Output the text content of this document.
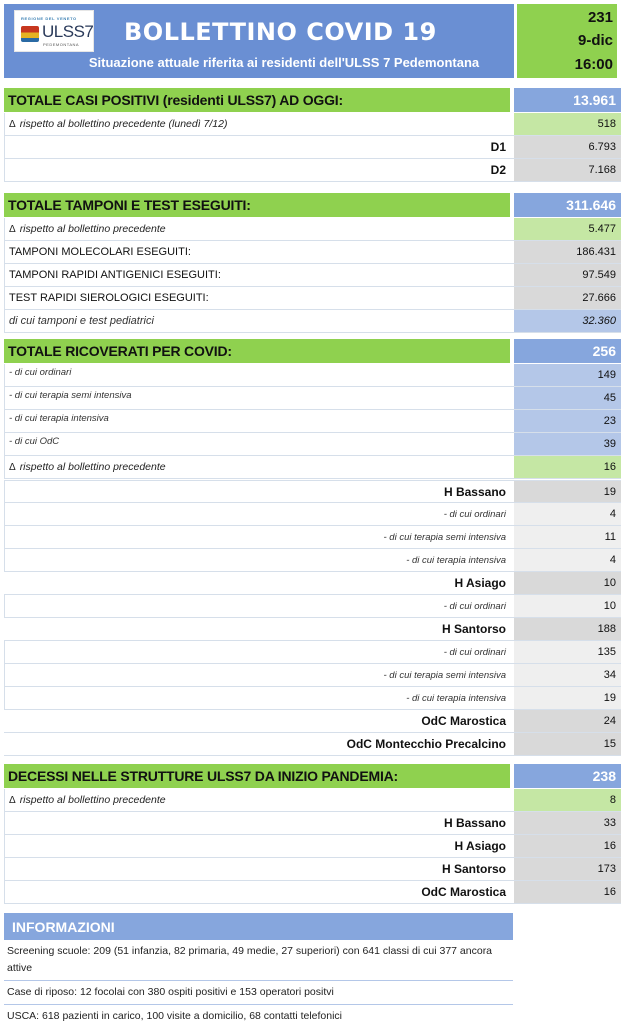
REGIONE DEL VENETO
ULSS7
PEDEMONTANA BOLLETTINO COVID 19
Situazione attuale riferita ai residenti dell'ULSS 7 Pedemontana
231
9-dic
16:00
TOTALE CASI POSITIVI (residenti ULSS7) AD OGGI:	13.961
Δ rispetto al bollettino precedente (lunedì 7/12)	518
D1	6.793
D2	7.168
TOTALE TAMPONI E TEST ESEGUITI:	311.646
Δ rispetto al bollettino precedente	5.477
TAMPONI MOLECOLARI ESEGUITI:	186.431
TAMPONI RAPIDI ANTIGENICI ESEGUITI:	97.549
TEST RAPIDI SIEROLOGICI ESEGUITI:	27.666
di cui tamponi e test pediatrici	32.360
TOTALE RICOVERATI PER COVID:	256
- di cui ordinari	149
- di cui terapia semi intensiva	45
- di cui terapia intensiva	23
- di cui OdC	39
Δ rispetto al bollettino precedente	16
H Bassano	19
- di cui ordinari	4
- di cui terapia semi intensiva	11
- di cui terapia intensiva	4
H Asiago	10
- di cui ordinari	10
H Santorso	188
- di cui ordinari	135
- di cui terapia semi intensiva	34
- di cui terapia intensiva	19
OdC Marostica	24
OdC Montecchio Precalcino	15
DECESSI NELLE STRUTTURE ULSS7 DA INIZIO PANDEMIA:	238
Δ rispetto al bollettino precedente	8
H Bassano	33
H Asiago	16
H Santorso	173
OdC Marostica	16
INFORMAZIONI
Screening scuole: 209 (51 infanzia, 82 primaria, 49 medie, 27 superiori) con 641 classi di cui 377 ancora attive
Case di riposo: 12 focolai con 380 ospiti positivi e 153 operatori positvi
USCA: 618 pazienti in carico, 100 visite a domicilio, 68 contatti telefonici
